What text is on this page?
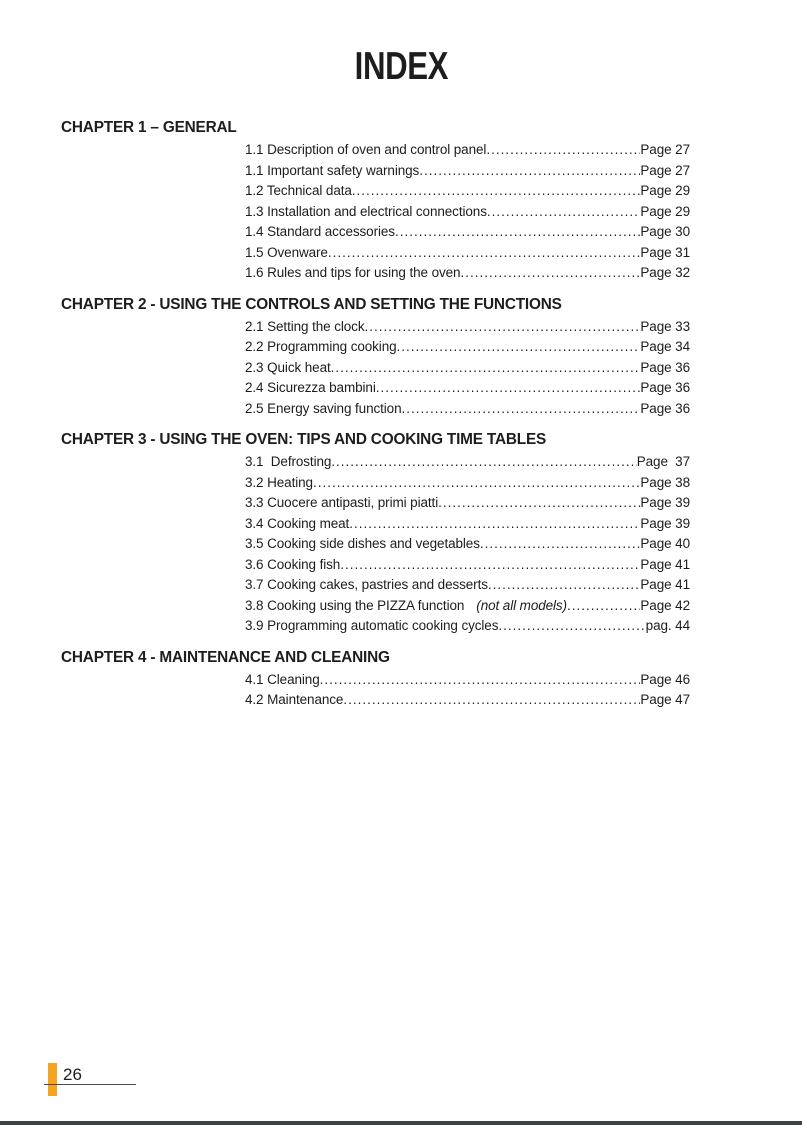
INDEX
CHAPTER 1 – GENERAL
1.1 Description of oven and control panel .....	Page 27
1.1 Important safety warnings .....	Page 27
1.2 Technical data .....	Page 29
1.3 Installation and electrical connections .....	Page 29
1.4 Standard accessories .....	Page 30
1.5 Ovenware .....	Page 31
1.6 Rules and tips for using the oven .....	Page 32
CHAPTER 2 - USING THE CONTROLS AND SETTING THE FUNCTIONS
2.1 Setting the clock .....	Page 33
2.2 Programming cooking .....	Page 34
2.3 Quick heat .....	Page 36
2.4 Sicurezza bambini .....	Page 36
2.5 Energy saving function .....	Page 36
CHAPTER 3 - USING THE OVEN: TIPS AND COOKING TIME TABLES
3.1  Defrosting .....	Page  37
3.2 Heating .....	Page 38
3.3 Cuocere antipasti, primi piatti .....	Page 39
3.4 Cooking meat .....	Page 39
3.5 Cooking side dishes and vegetables .....	Page 40
3.6 Cooking fish .....	Page 41
3.7 Cooking cakes, pastries and desserts .....	Page 41
3.8 Cooking using the PIZZA function (not all models) .....	Page 42
3.9 Programming automatic cooking cycles .....	pag. 44
CHAPTER 4 - MAINTENANCE AND CLEANING
4.1 Cleaning .....	Page 46
4.2 Maintenance .....	Page 47
26
